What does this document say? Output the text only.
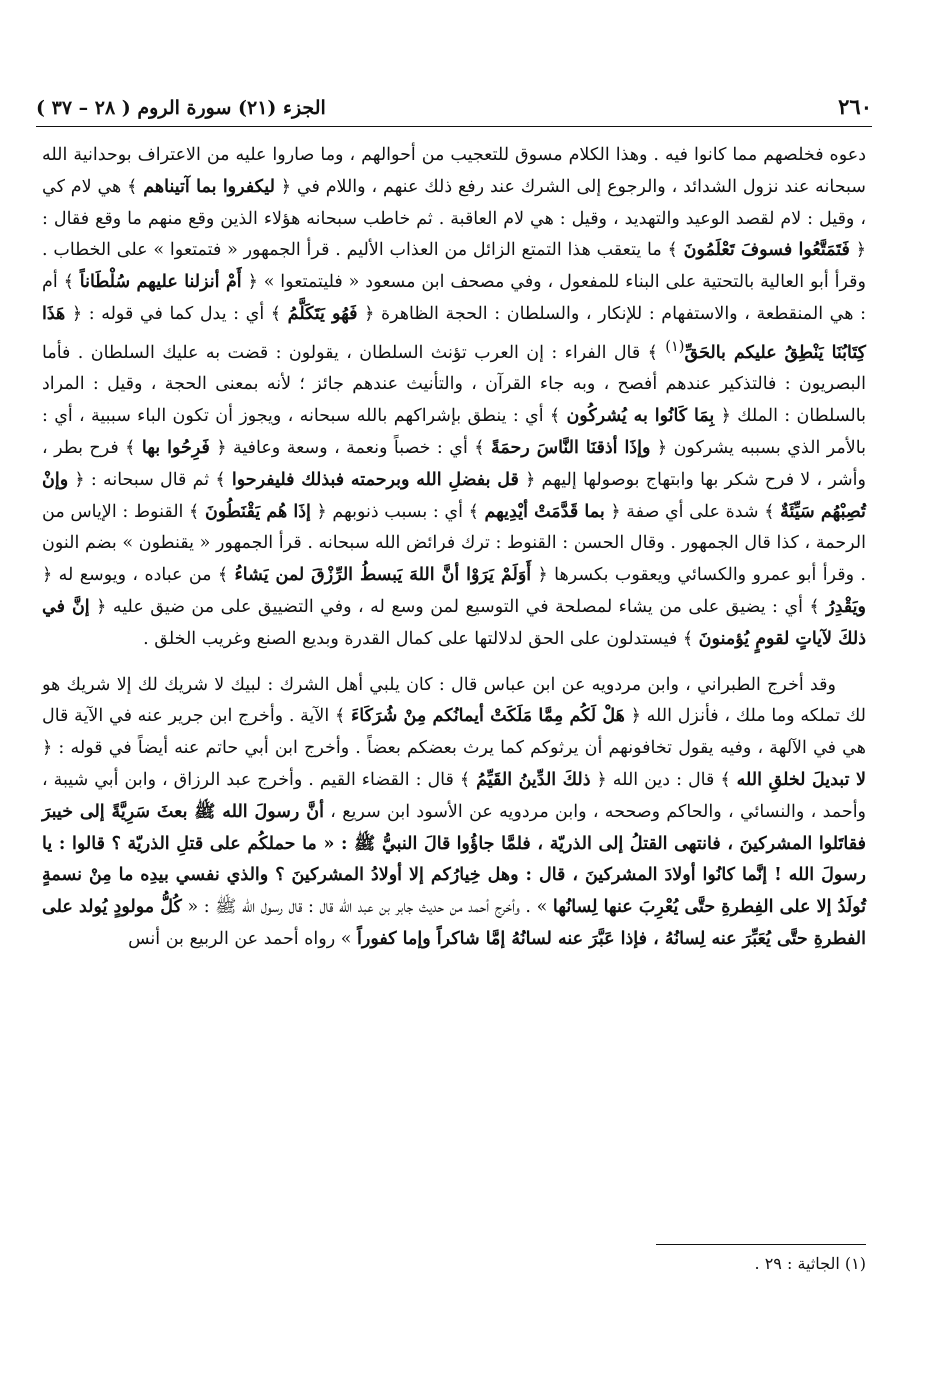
٢٦٠
الجزء (٢١) سورة الروم ( ٢٨ – ٣٧ )

دعوه فخلصهم مما كانوا فيه . وهذا الكلام مسوق للتعجيب من أحوالهم ، وما صاروا عليه من الاعتراف بوحدانية الله سبحانه عند نزول الشدائد ، والرجوع إلى الشرك عند رفع ذلك عنهم ، واللام في ﴿ ليكفروا بما آتيناهم ﴾ هي لام كي ، وقيل : لام لقصد الوعيد والتهديد ، وقيل : هي لام العاقبة . ثم خاطب سبحانه هؤلاء الذين وقع منهم ما وقع فقال : ﴿ فَتَمَتَّعُوا فسوفَ تَعْلَمُونَ ﴾ ما يتعقب هذا التمتع الزائل من العذاب الأليم . قرأ الجمهور « فتمتعوا » على الخطاب . وقرأ أبو العالية بالتحتية على البناء للمفعول ، وفي مصحف ابن مسعود « فليتمتعوا » ﴿ أَمْ أنزلنا عليهم سُلْطَاناً ﴾ أم : هي المنقطعة ، والاستفهام : للإنكار ، والسلطان : الحجة الظاهرة ﴿ فَهُو يَتَكَلَّمُ ﴾ أي : يدل كما في قوله : ﴿ هَذَا كِتَابُنَا يَنْطِقُ عليكم بالحَقِّ$^{(١)}$ ﴾ قال الفراء : إن العرب تؤنث السلطان ، يقولون : قضت به عليك السلطان . فأما البصريون : فالتذكير عندهم أفصح ، وبه جاء القرآن ، والتأنيث عندهم جائز ؛ لأنه بمعنى الحجة ، وقيل : المراد بالسلطان : الملك ﴿ بِمَا كَانُوا به يُشركُون ﴾ أي : ينطق بإشراكهم بالله سبحانه ، ويجوز أن تكون الباء سببية ، أي : بالأمر الذي بسببه يشركون ﴿ وإذَا أذقنَا النَّاسَ رحمَةً ﴾ أي : خصباً ونعمة ، وسعة وعافية ﴿ فَرِحُوا بها ﴾ فرح بطر ، وأشر ، لا فرح شكر بها وابتهاج بوصولها إليهم ﴿ قل بفضلِ الله وبرحمته فبذلك فليفرحوا ﴾ ثم قال سبحانه : ﴿ وإنْ تُصِبْهُم سَيِّئَةٌ ﴾ شدة على أي صفة ﴿ بما قَدَّمَتْ أيْدِيهم ﴾ أي : بسبب ذنوبهم ﴿ إذَا هُم يَقْنَطُونَ ﴾ القنوط : الإياس من الرحمة ، كذا قال الجمهور . وقال الحسن : القنوط : ترك فرائض الله سبحانه . قرأ الجمهور « يقنطون » بضم النون . وقرأ أبو عمرو والكسائي ويعقوب بكسرها ﴿ أَوَلَمْ يَرَوْا أنَّ اللهَ يَبسطُ الرِّزْقَ لمن يَشاءُ ﴾ من عباده ، ويوسع له ﴿ ويَقْدِرُ ﴾ أي : يضيق على من يشاء لمصلحة في التوسيع لمن وسع له ، وفي التضييق على من ضيق عليه ﴿ إنَّ في ذلكَ لآياتٍ لقومٍ يُؤمنونَ ﴾ فيستدلون على الحق لدلالتها على كمال القدرة وبديع الصنع وغريب الخلق .

وقد أخرج الطبراني ، وابن مردويه عن ابن عباس قال : كان يلبي أهل الشرك : لبيك لا شريك لك إلا شريك هو لك تملكه وما ملك ، فأنزل الله ﴿ هَلْ لَكُم مِمَّا مَلَكَتْ أيمانُكم مِنْ شُرَكَاءَ ﴾ الآية . وأخرج ابن جرير عنه في الآية قال هي في الآلهة ، وفيه يقول تخافونهم أن يرثوكم كما يرث بعضكم بعضاً . وأخرج ابن أبي حاتم عنه أيضاً في قوله : ﴿ لا تبديلَ لخلقِ الله ﴾ قال : دين الله ﴿ ذلكَ الدِّينُ القَيِّمُ ﴾ قال : القضاء القيم . وأخرج عبد الرزاق ، وابن أبي شيبة ، وأحمد ، والنسائي ، والحاكم وصححه ، وابن مردويه عن الأسود ابن سريع ، أنَّ رسولَ الله ﷺ بعثَ سَرِيَّةً إلى خيبرَ فقاتَلوا المشركينَ ، فانتهى القتلُ إلى الذريّة ، فلمَّا جاؤُوا قالَ النبيُّ ﷺ : « ما حملكُم على قتلِ الذريّة ؟ قالوا : يا رسولَ الله ! إنَّما كانُوا أولادَ المشركينَ ، قال : وهل خِيارُكم إلا أولادُ المشركينَ ؟ والذي نفسي بيدِه ما مِنْ نسمةٍ تُولَدُ إلا على الفِطرةِ حتَّى يُعْرِبَ عنها لِسانُها » . وأخرج أحمد من حديث جابر بن عبد الله قال : قال رسول الله ﷺ : « كُلُّ مولودٍ يُولد على الفطرةِ حتَّى يُعَبِّرَ عنه لِسانُهُ ، فإذا عَبَّرَ عنه لسانُهُ إمَّا شاكراً وإما كفوراً » رواه أحمد عن الربيع بن أنس

(١) الجاثية : ٢٩ .
